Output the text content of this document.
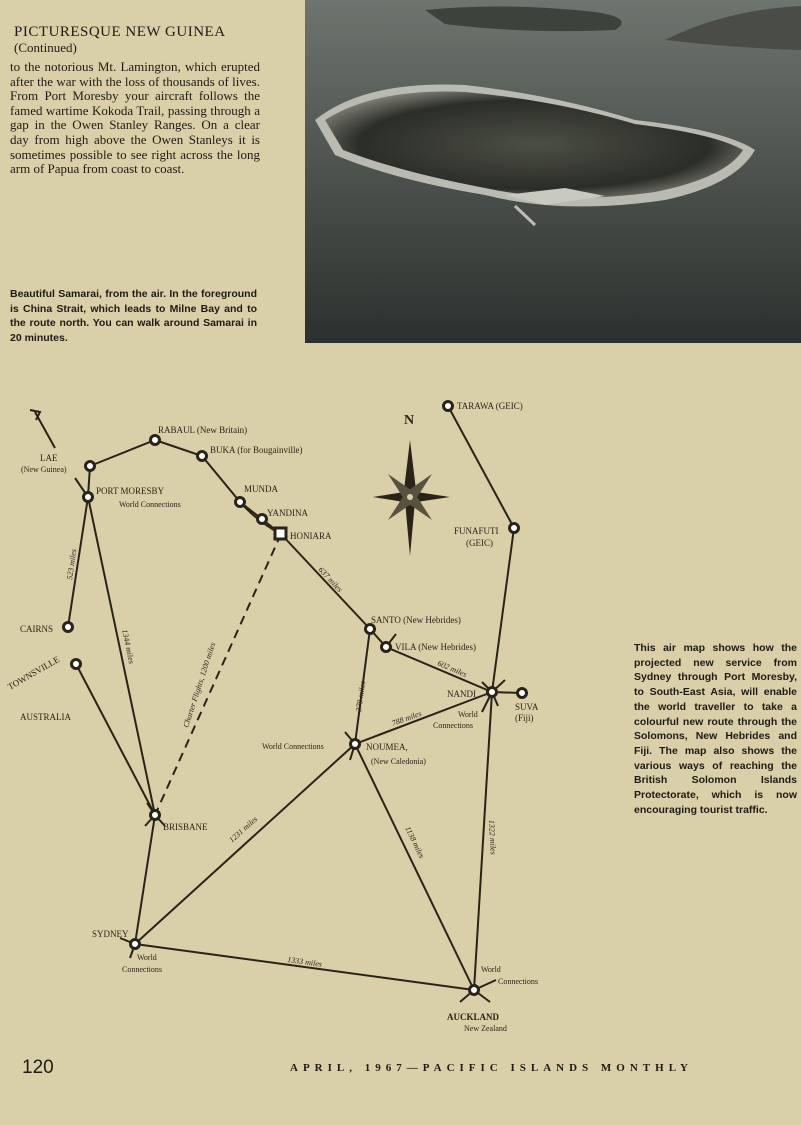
PICTURESQUE NEW GUINEA
(Continued)
to the notorious Mt. Lamington, which erupted after the war with the loss of thousands of lives. From Port Moresby your aircraft follows the famed wartime Kokoda Trail, passing through a gap in the Owen Stanley Ranges. On a clear day from high above the Owen Stanleys it is sometimes possible to see right across the long arm of Papua from coast to coast.
Beautiful Samarai, from the air. In the foreground is China Strait, which leads to Milne Bay and to the route north. You can walk around Samarai in 20 minutes.
N
RABAUL (New Britain)
BUKA (for Bougainville)
LAE
(New Guinea)
PORT MORESBY
World Connections
MUNDA
YANDINA
HONIARA
TARAWA (GEIC)
FUNAFUTI
(GEIC)
CAIRNS
TOWNSVILLE
AUSTRALIA
SANTO (New Hebrides)
VILA (New Hebrides)
NANDI
SUVA
(Fiji)
World
Connections
NOUMEA,
(New Caledonia)
World Connections
BRISBANE
SYDNEY
World
Connections	World
Connections
AUCKLAND
New Zealand
523 miles
1344 miles	Charter Flights, 1200 miles
637 miles
379 miles
602 miles
788 miles
1231 miles	1138 miles	1322 miles
1333 miles
This air map shows how the projected new service from Sydney through Port Moresby, to South-East Asia, will enable the world traveller to take a colourful new route through the Solomons, New Hebrides and Fiji. The map also shows the various ways of reaching the British Solomon Islands Protectorate, which is now encouraging tourist traffic.
120	APRIL, 1967—PACIFIC ISLANDS MONTHLY
